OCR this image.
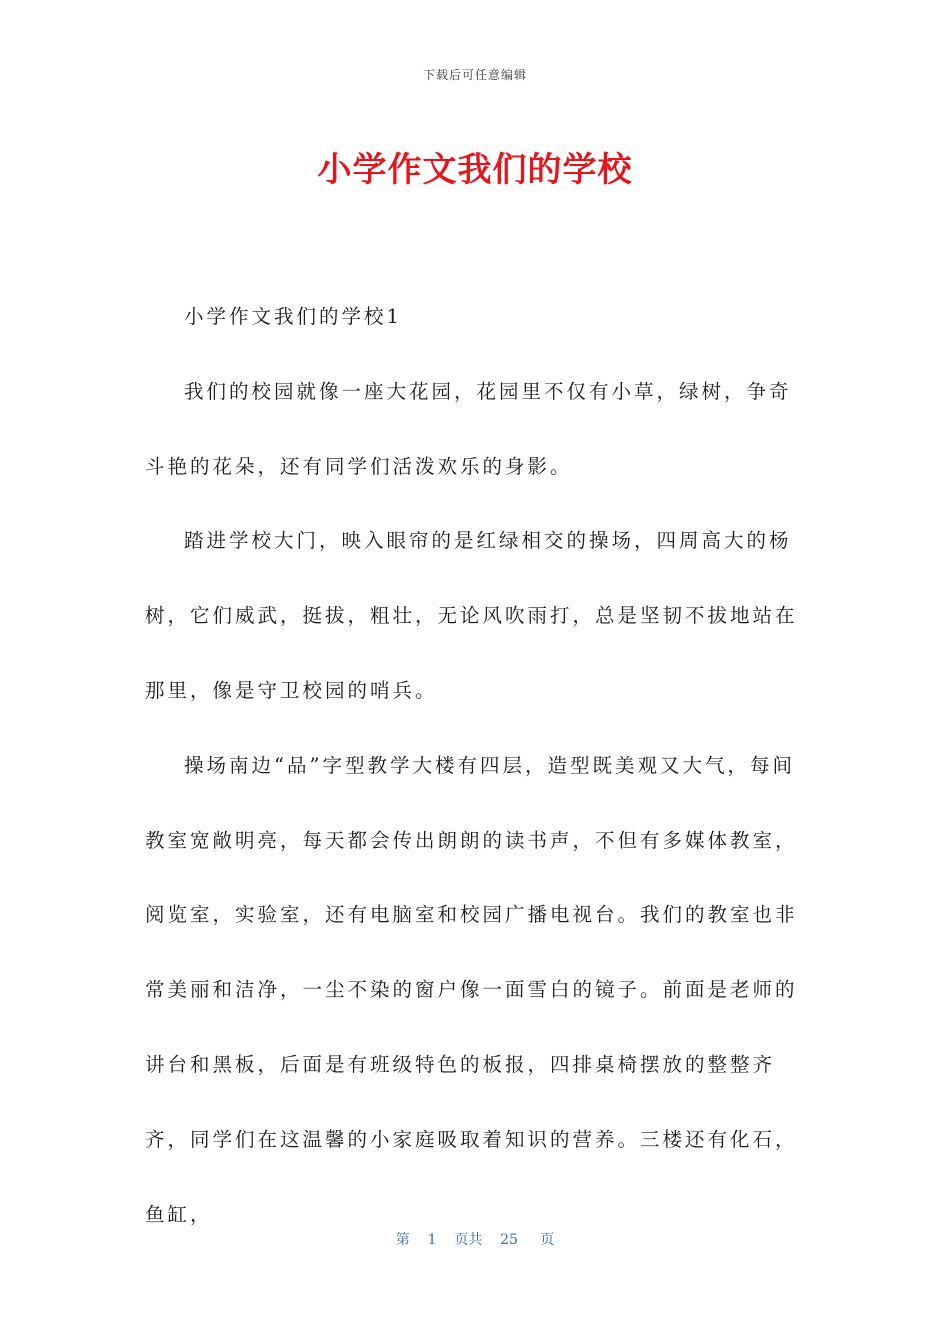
下载后可任意编辑
小学作文我们的学校

小学作文我们的学校1

我们的校园就像一座大花园，花园里不仅有小草，绿树，争奇斗艳的花朵，还有同学们活泼欢乐的身影。

踏进学校大门，映入眼帘的是红绿相交的操场，四周高大的杨树，它们威武，挺拔，粗壮，无论风吹雨打，总是坚韧不拔地站在那里，像是守卫校园的哨兵。

操场南边“品”字型教学大楼有四层，造型既美观又大气，每间教室宽敞明亮，每天都会传出朗朗的读书声，不但有多媒体教室，阅览室，实验室，还有电脑室和校园广播电视台。我们的教室也非常美丽和洁净，一尘不染的窗户像一面雪白的镜子。前面是老师的讲台和黑板，后面是有班级特色的板报，四排桌椅摆放的整整齐齐，同学们在这温馨的小家庭吸取着知识的营养。三楼还有化石，鱼缸，

第 1 页共 25 页
